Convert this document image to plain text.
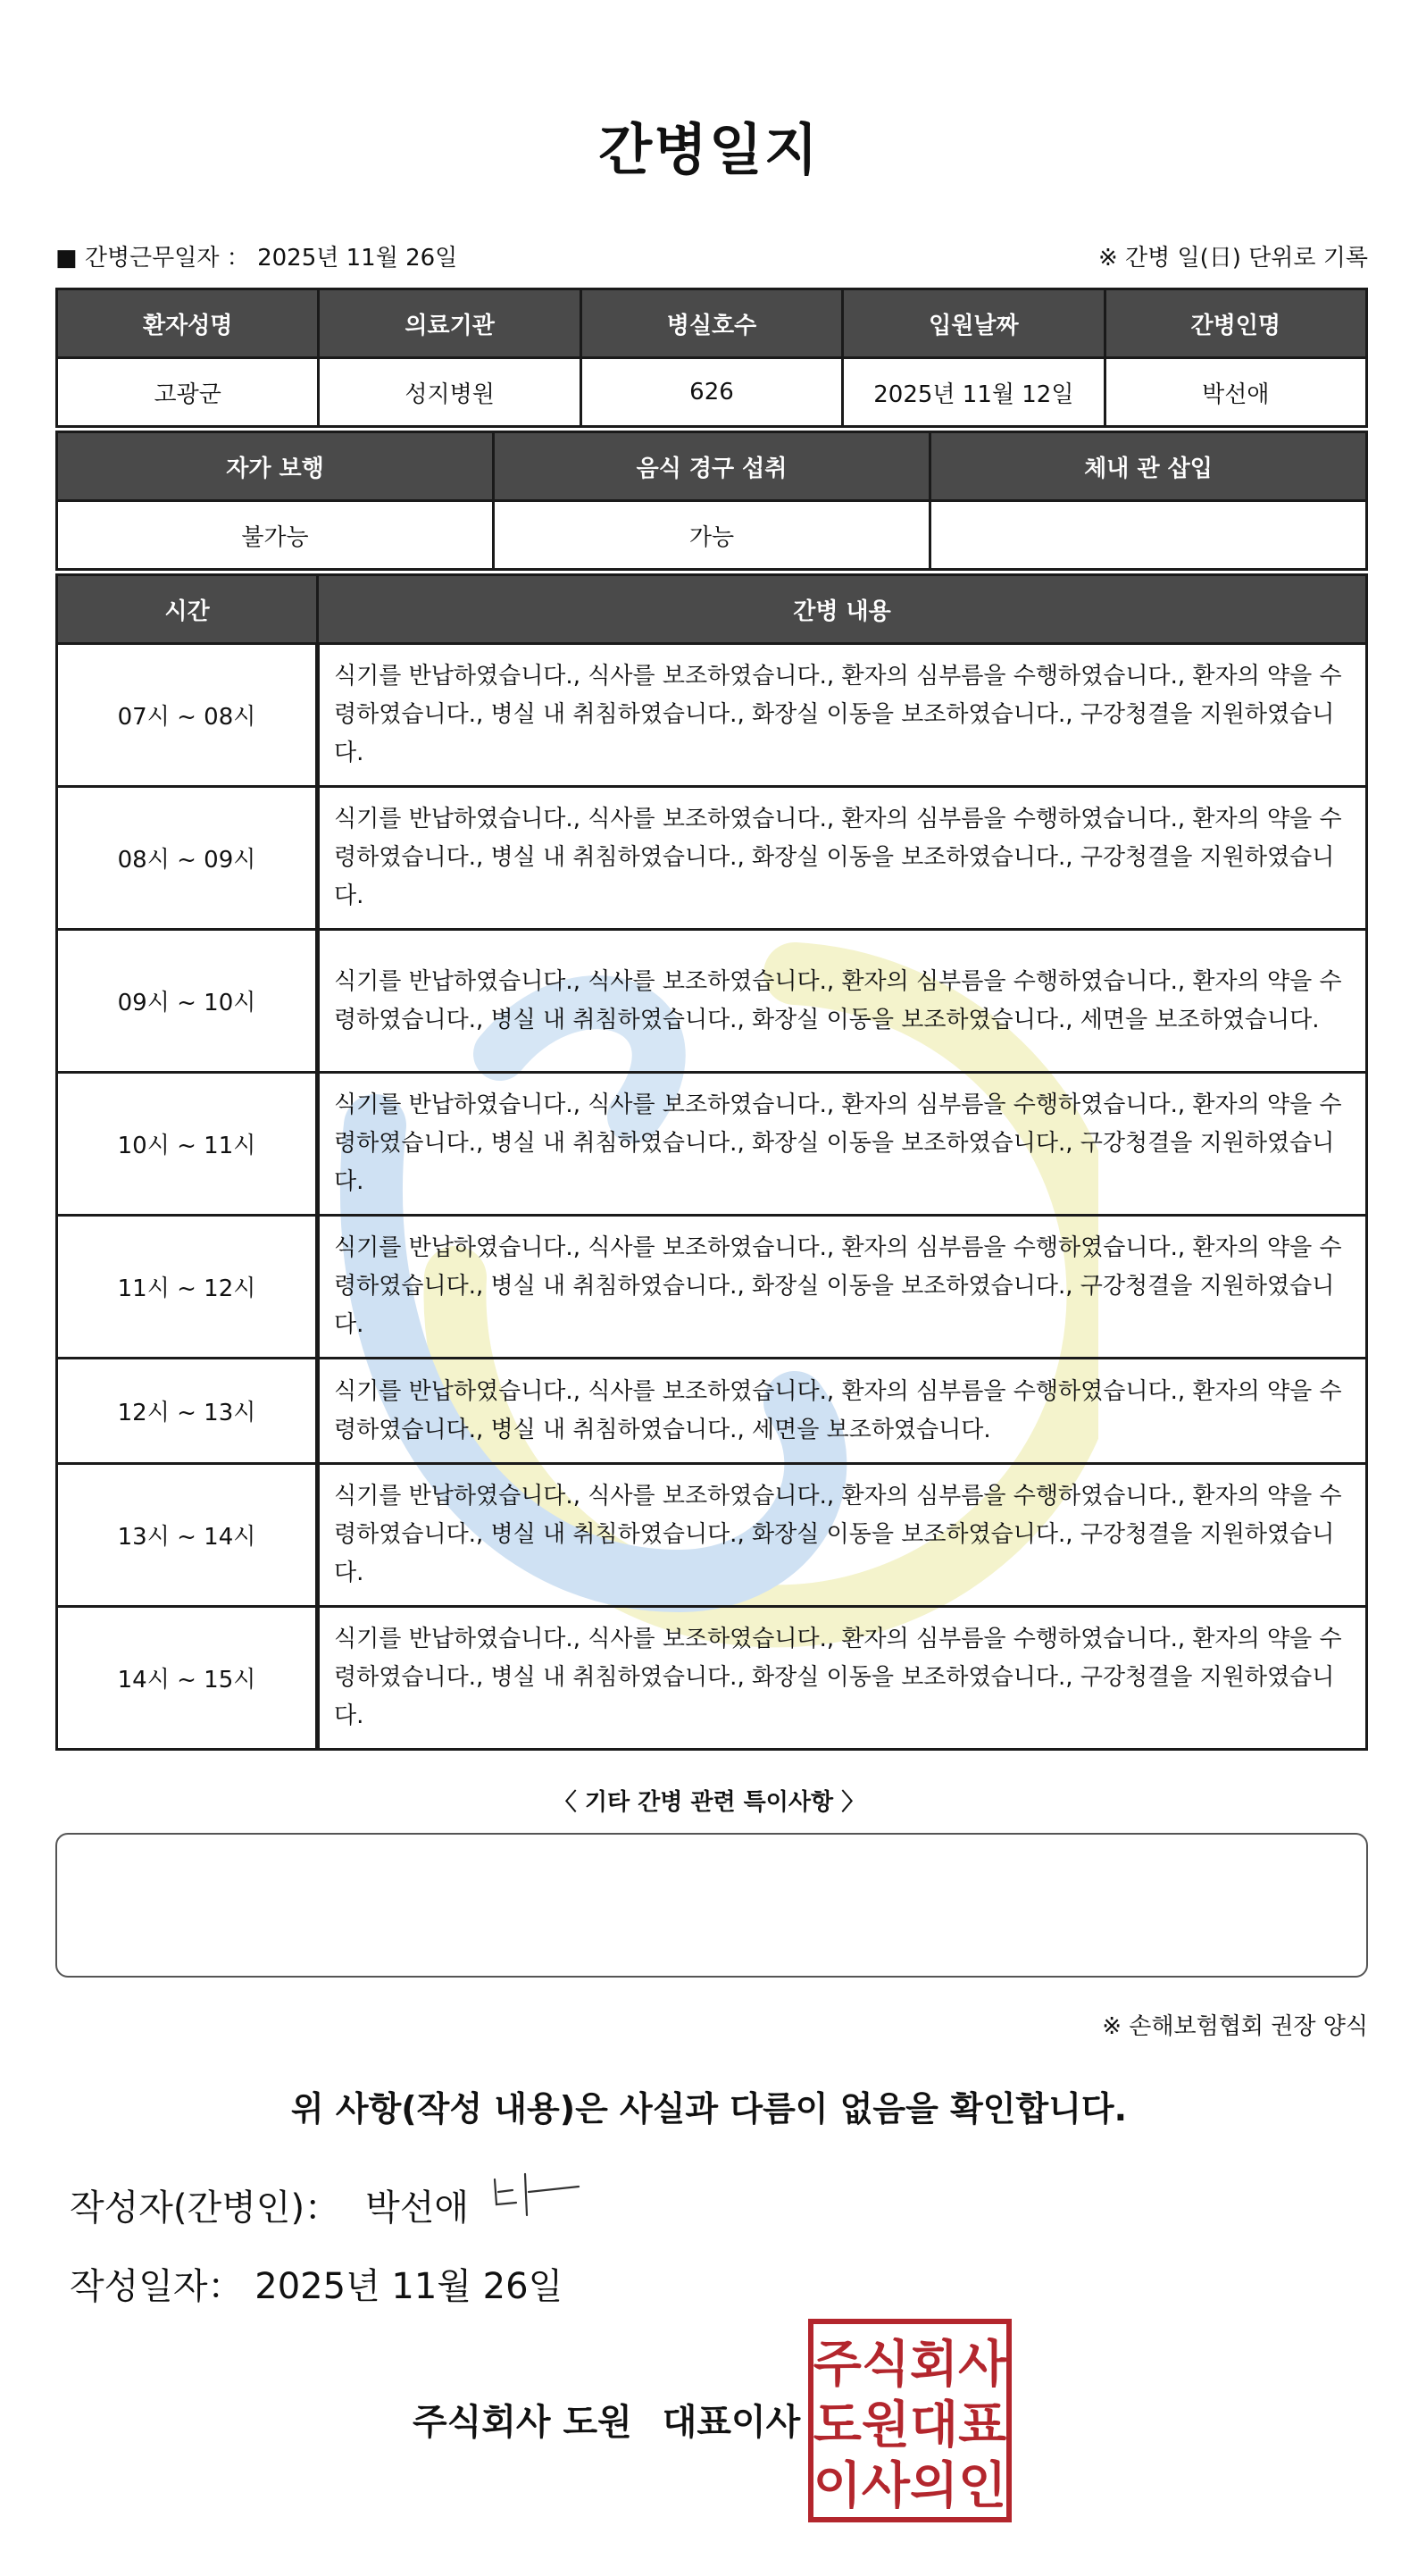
간병일지
■ 간병근무일자 ： 2025년 11월 26일	※ 간병 일(日) 단위로 기록
환자성명	의료기관	병실호수	입원날짜	간병인명
고광군	성지병원	626	2025년 11월 12일	박선애
자가 보행	음식 경구 섭취	체내 관 삽입
불가능	가능	
시간	간병 내용
07시 ~ 08시	식기를 반납하였습니다., 식사를 보조하였습니다., 환자의 심부름을 수행하였습니다., 환자의 약을 수령하였습니다., 병실 내 취침하였습니다., 화장실 이동을 보조하였습니다., 구강청결을 지원하였습니다.
08시 ~ 09시	식기를 반납하였습니다., 식사를 보조하였습니다., 환자의 심부름을 수행하였습니다., 환자의 약을 수령하였습니다., 병실 내 취침하였습니다., 화장실 이동을 보조하였습니다., 구강청결을 지원하였습니다.
09시 ~ 10시	식기를 반납하였습니다., 식사를 보조하였습니다., 환자의 심부름을 수행하였습니다., 환자의 약을 수령하였습니다., 병실 내 취침하였습니다., 화장실 이동을 보조하였습니다., 세면을 보조하였습니다.
10시 ~ 11시	식기를 반납하였습니다., 식사를 보조하였습니다., 환자의 심부름을 수행하였습니다., 환자의 약을 수령하였습니다., 병실 내 취침하였습니다., 화장실 이동을 보조하였습니다., 구강청결을 지원하였습니다.
11시 ~ 12시	식기를 반납하였습니다., 식사를 보조하였습니다., 환자의 심부름을 수행하였습니다., 환자의 약을 수령하였습니다., 병실 내 취침하였습니다., 화장실 이동을 보조하였습니다., 구강청결을 지원하였습니다.
12시 ~ 13시	식기를 반납하였습니다., 식사를 보조하였습니다., 환자의 심부름을 수행하였습니다., 환자의 약을 수령하였습니다., 병실 내 취침하였습니다., 세면을 보조하였습니다.
13시 ~ 14시	식기를 반납하였습니다., 식사를 보조하였습니다., 환자의 심부름을 수행하였습니다., 환자의 약을 수령하였습니다., 병실 내 취침하였습니다., 화장실 이동을 보조하였습니다., 구강청결을 지원하였습니다.
14시 ~ 15시	식기를 반납하였습니다., 식사를 보조하였습니다., 환자의 심부름을 수행하였습니다., 환자의 약을 수령하였습니다., 병실 내 취침하였습니다., 화장실 이동을 보조하였습니다., 구강청결을 지원하였습니다.
〈 기타 간병 관련 특이사항 〉
※ 손해보험협회 권장 양식
위 사항(작성 내용)은 사실과 다름이 없음을 확인합니다.
작성자(간병인)： 박선애
작성일자： 2025년 11월 26일
주식회사 도원 대표이사
주식회사
도원대표
이사의인
